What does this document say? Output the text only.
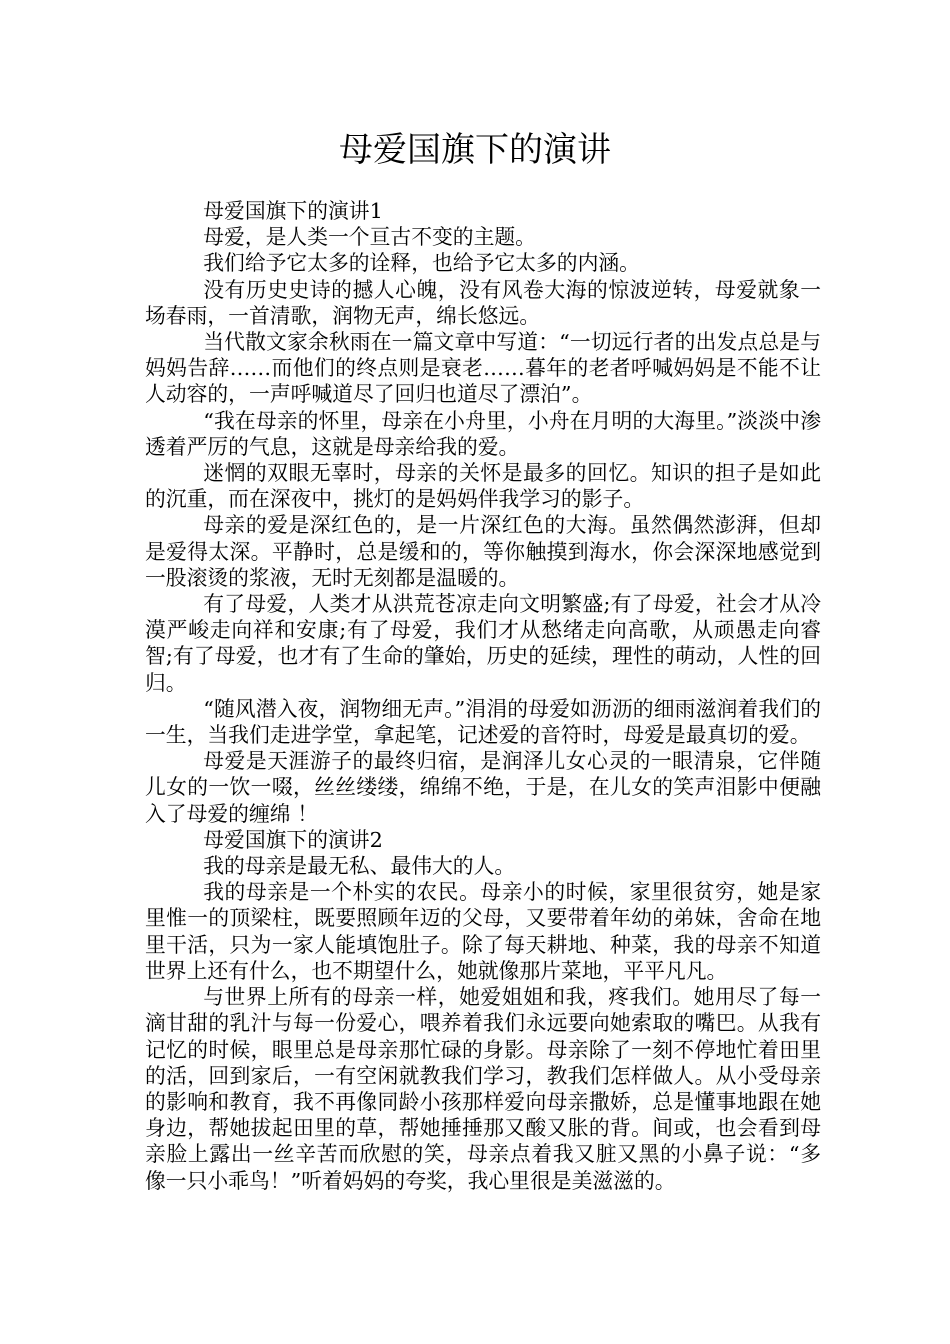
母爱国旗下的演讲

母爱国旗下的演讲1

母爱，是人类一个亘古不变的主题。

我们给予它太多的诠释，也给予它太多的内涵。

没有历史史诗的撼人心魄，没有风卷大海的惊波逆转，母爱就象一场春雨，一首清歌，润物无声，绵长悠远。

当代散文家余秋雨在一篇文章中写道：“一切远行者的出发点总是与妈妈告辞……而他们的终点则是衰老……暮年的老者呼喊妈妈是不能不让人动容的，一声呼喊道尽了回归也道尽了漂泊”。

“我在母亲的怀里，母亲在小舟里，小舟在月明的大海里。”淡淡中渗透着严厉的气息，这就是母亲给我的爱。

迷惘的双眼无辜时，母亲的关怀是最多的回忆。知识的担子是如此的沉重，而在深夜中，挑灯的是妈妈伴我学习的影子。

母亲的爱是深红色的，是一片深红色的大海。虽然偶然澎湃，但却是爱得太深。平静时，总是缓和的，等你触摸到海水，你会深深地感觉到一股滚烫的浆液，无时无刻都是温暖的。

有了母爱，人类才从洪荒苍凉走向文明繁盛;有了母爱，社会才从冷漠严峻走向祥和安康;有了母爱，我们才从愁绪走向高歌，从顽愚走向睿智;有了母爱，也才有了生命的肇始，历史的延续，理性的萌动，人性的回归。

“随风潜入夜，润物细无声。”涓涓的母爱如沥沥的细雨滋润着我们的一生，当我们走进学堂，拿起笔，记述爱的音符时，母爱是最真切的爱。

母爱是天涯游子的最终归宿，是润泽儿女心灵的一眼清泉，它伴随儿女的一饮一啜，丝丝缕缕，绵绵不绝，于是，在儿女的笑声泪影中便融入了母爱的缠绵 ！

母爱国旗下的演讲2

我的母亲是最无私、最伟大的人。

我的母亲是一个朴实的农民。母亲小的时候，家里很贫穷，她是家里惟一的顶梁柱，既要照顾年迈的父母，又要带着年幼的弟妹，舍命在地里干活，只为一家人能填饱肚子。除了每天耕地、种菜，我的母亲不知道世界上还有什么，也不期望什么，她就像那片菜地，平平凡凡。

与世界上所有的母亲一样，她爱姐姐和我，疼我们。她用尽了每一滴甘甜的乳汁与每一份爱心，喂养着我们永远要向她索取的嘴巴。从我有记忆的时候，眼里总是母亲那忙碌的身影。母亲除了一刻不停地忙着田里的活，回到家后，一有空闲就教我们学习，教我们怎样做人。从小受母亲的影响和教育，我不再像同龄小孩那样爱向母亲撒娇，总是懂事地跟在她身边，帮她拔起田里的草，帮她捶捶那又酸又胀的背。间或，也会看到母亲脸上露出一丝辛苦而欣慰的笑，母亲点着我又脏又黑的小鼻子说：“多像一只小乖鸟！”听着妈妈的夸奖，我心里很是美滋滋的。
